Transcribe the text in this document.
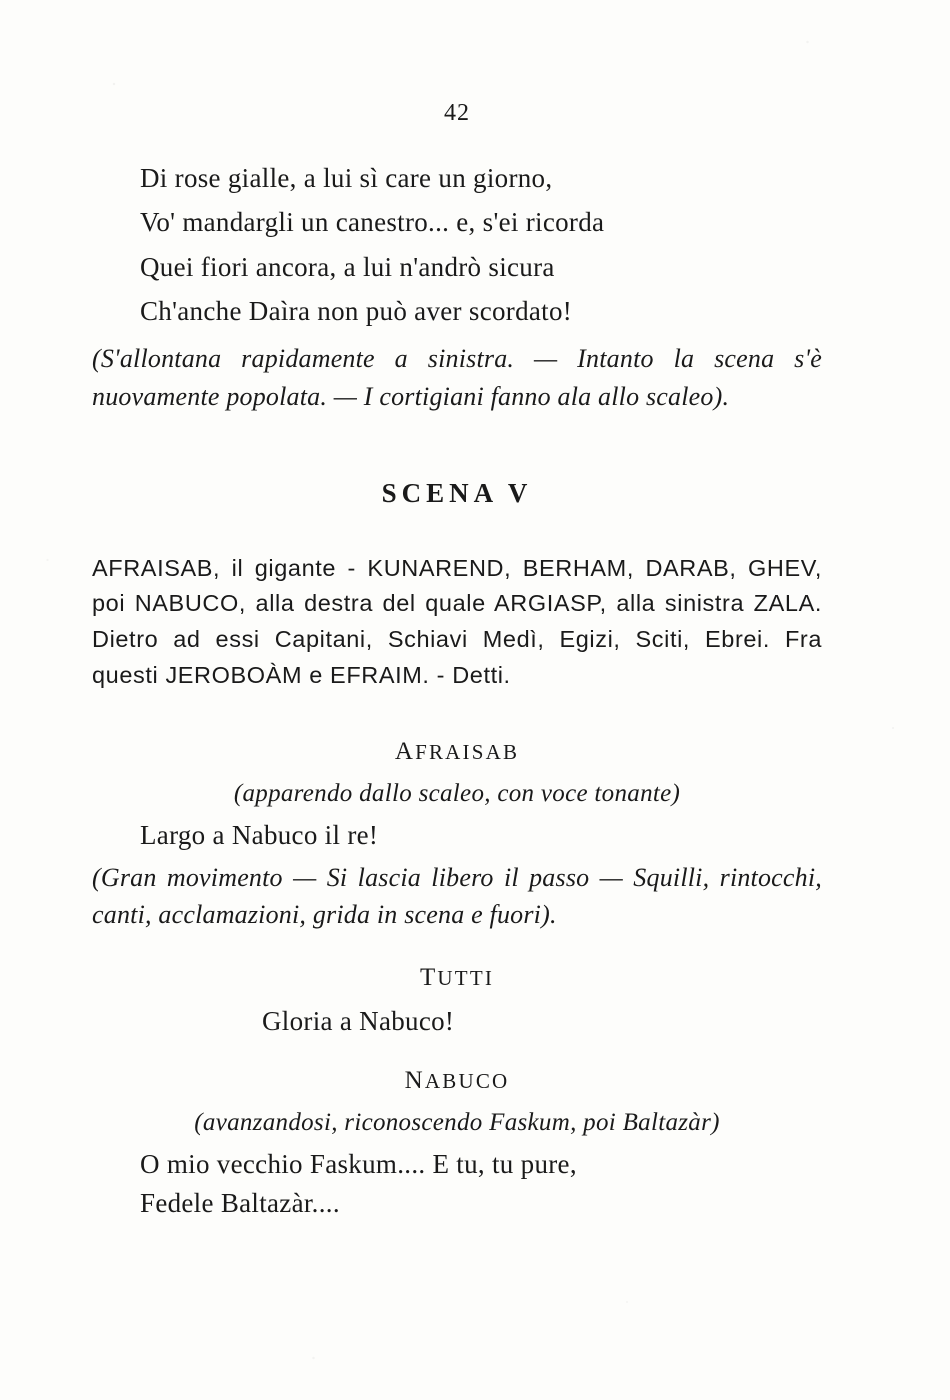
42

Di rose gialle, a lui sì care un giorno,

Vo' mandargli un canestro... e, s'ei ricorda

Quei fiori ancora, a lui n'andrò sicura

Ch'anche Daìra non può aver scordato!

(S'allontana rapidamente a sinistra. — Intanto la scena s'è nuovamente popolata. — I cortigiani fanno ala allo scaleo).

SCENA V

AFRAISAB, il gigante - KUNAREND, BERHAM, DARAB, GHEV, poi NABUCO, alla destra del quale ARGIASP, alla sinistra ZALA. Dietro ad essi Capitani, Schiavi Medì, Egizi, Sciti, Ebrei. Fra questi JEROBOÀM e EFRAIM. - Detti.

AFRAISAB

(apparendo dallo scaleo, con voce tonante)

Largo a Nabuco il re!

(Gran movimento — Si lascia libero il passo — Squilli, rintocchi, canti, acclamazioni, grida in scena e fuori).

TUTTI

Gloria a Nabuco!

NABUCO

(avanzandosi, riconoscendo Faskum, poi Baltazàr)

O mio vecchio Faskum.... E tu, tu pure,

Fedele Baltazàr....
